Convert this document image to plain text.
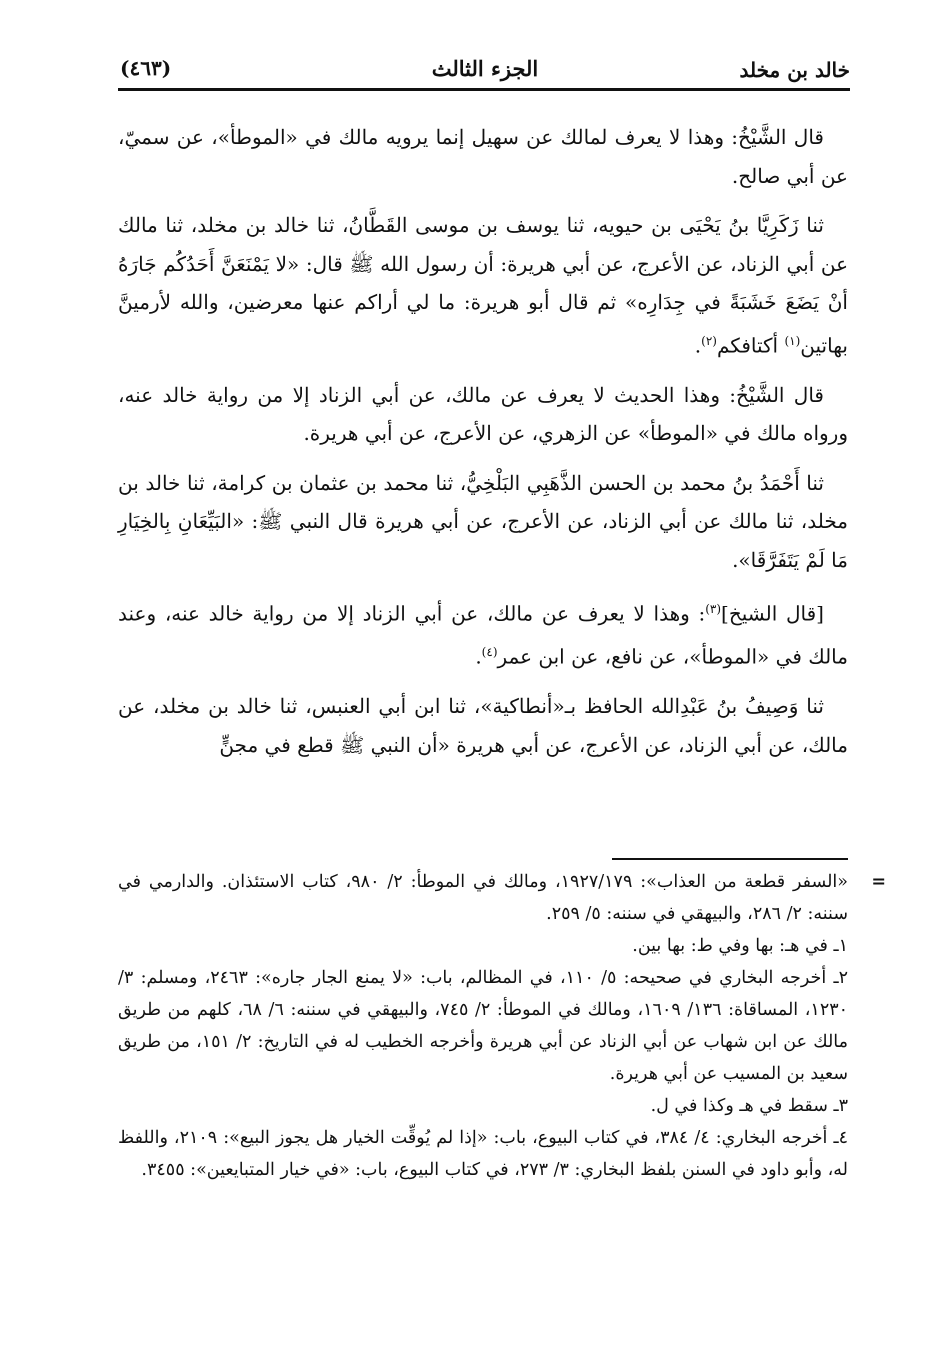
خالد بن مخلد
الجزء الثالث
(٤٦٣)

قال الشَّيْخُ: وهذا لا يعرف لمالك عن سهيل إنما يرويه مالك في «الموطأ»، عن سميّ، عن أبي صالح.

ثنا زَكَرِيَّا بنُ يَحْيَى بن حيويه، ثنا يوسف بن موسى القَطَّانُ، ثنا خالد بن مخلد، ثنا مالك عن أبي الزناد، عن الأعرج، عن أبي هريرة: أن رسول الله ﷺ قال: «لا يَمْنَعَنَّ أَحَدُكُم جَارَهُ أنْ يَضَعَ خَشَبَةً في جِدَارِه» ثم قال أبو هريرة: ما لي أراكم عنها معرضين، والله لأرمينَّ بهاتين$^{(١)}$ أكتافكم$^{(٢)}$.

قال الشَّيْخُ: وهذا الحديث لا يعرف عن مالك، عن أبي الزناد إلا من رواية خالد عنه، ورواه مالك في «الموطأ» عن الزهري، عن الأعرج، عن أبي هريرة.

ثنا أَحْمَدُ بنُ محمد بن الحسن الذَّهَبِي البَلْخِيُّ، ثنا محمد بن عثمان بن كرامة، ثنا خالد بن مخلد، ثنا مالك عن أبي الزناد، عن الأعرج، عن أبي هريرة قال النبي ﷺ: «البَيِّعَانِ بِالخِيَارِ مَا لَمْ يَتَفَرَّقَا».

[قال الشيخ]$^{(٣)}$: وهذا لا يعرف عن مالك، عن أبي الزناد إلا من رواية خالد عنه، وعند مالك في «الموطأ»، عن نافع، عن ابن عمر$^{(٤)}$.

ثنا وَصِيفُ بنُ عَبْدِالله الحافظ بـ«أنطاكية»، ثنا ابن أبي العنبس، ثنا خالد بن مخلد، عن مالك، عن أبي الزناد، عن الأعرج، عن أبي هريرة «أن النبي ﷺ قطع في مجنٍّ

=
«السفر قطعة من العذاب»: ١٩٢٧/١٧٩، ومالك في الموطأ: ٢/ ٩٨٠، كتاب الاستئذان. والدارمي في سننه: ٢/ ٢٨٦، والبيهقي في سننه: ٥/ ٢٥٩.

١ـ في هـ: بها وفي ط: بها بين.

٢ـ أخرجه البخاري في صحيحه: ٥/ ١١٠، في المظالم، باب: «لا يمنع الجار جاره»: ٢٤٦٣، ومسلم: ٣/ ١٢٣٠، المساقاة: ١٣٦/ ١٦٠٩، ومالك في الموطأ: ٢/ ٧٤٥، والبيهقي في سننه: ٦/ ٦٨، كلهم من طريق مالك عن ابن شهاب عن أبي الزناد عن أبي هريرة وأخرجه الخطيب له في التاريخ: ٢/ ١٥١، من طريق سعيد بن المسيب عن أبي هريرة.

٣ـ سقط في هـ وكذا في ل.

٤ـ أخرجه البخاري: ٤/ ٣٨٤، في كتاب البيوع، باب: «إذا لم يُوقِّت الخيار هل يجوز البيع»: ٢١٠٩، واللفظ له، وأبو داود في السنن بلفظ البخاري: ٣/ ٢٧٣، في كتاب البيوع، باب: «في خيار المتبايعين»: ٣٤٥٥.
